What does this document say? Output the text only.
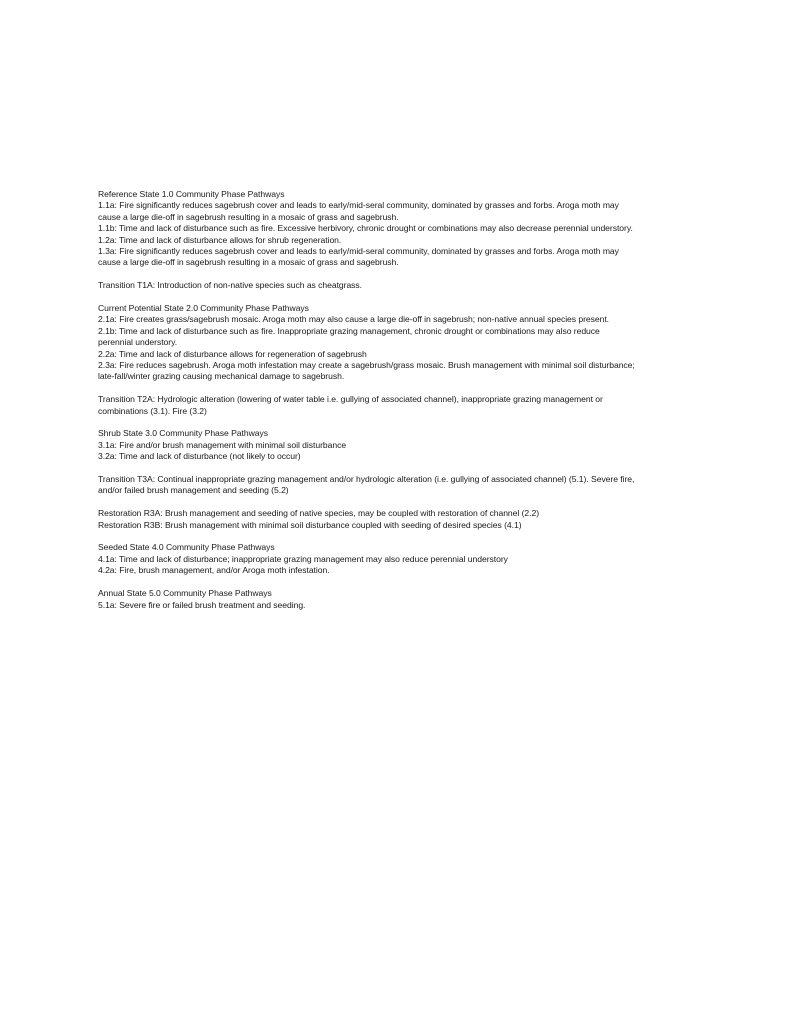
Reference State 1.0 Community Phase Pathways
1.1a: Fire significantly reduces sagebrush cover and leads to early/mid-seral community, dominated by grasses and forbs. Aroga moth may
cause a large die-off in sagebrush resulting in a mosaic of grass and sagebrush.
1.1b: Time and lack of disturbance such as fire. Excessive herbivory, chronic drought or combinations may also decrease perennial understory.
1.2a: Time and lack of disturbance allows for shrub regeneration.
1.3a: Fire significantly reduces sagebrush cover and leads to early/mid-seral community, dominated by grasses and forbs. Aroga moth may
cause a large die-off in sagebrush resulting in a mosaic of grass and sagebrush.
Transition T1A: Introduction of non-native species such as cheatgrass.
Current Potential State 2.0 Community Phase Pathways
2.1a: Fire creates grass/sagebrush mosaic. Aroga moth may also cause a large die-off in sagebrush; non-native annual species present.
2.1b: Time and lack of disturbance such as fire. Inappropriate grazing management, chronic drought or combinations may also reduce
perennial understory.
2.2a: Time and lack of disturbance allows for regeneration of sagebrush
2.3a: Fire reduces sagebrush. Aroga moth infestation may create a sagebrush/grass mosaic. Brush management with minimal soil disturbance;
late-fall/winter grazing causing mechanical damage to sagebrush.
Transition T2A: Hydrologic alteration (lowering of water table i.e. gullying of associated channel), inappropriate grazing management or
combinations (3.1). Fire (3.2)
Shrub State 3.0 Community Phase Pathways
3.1a: Fire and/or brush management with minimal soil disturbance
3.2a: Time and lack of disturbance (not likely to occur)
Transition T3A: Continual inappropriate grazing management and/or hydrologic alteration (i.e. gullying of associated channel) (5.1). Severe fire,
and/or failed brush management and seeding (5.2)
Restoration R3A: Brush management and seeding of native species, may be coupled with restoration of channel (2.2)
Restoration R3B: Brush management with minimal soil disturbance coupled with seeding of desired species (4.1)
Seeded State 4.0 Community Phase Pathways
4.1a: Time and lack of disturbance; inappropriate grazing management may also reduce perennial understory
4.2a: Fire, brush management, and/or Aroga moth infestation.
Annual State 5.0 Community Phase Pathways
5.1a: Severe fire or failed brush treatment and seeding.
